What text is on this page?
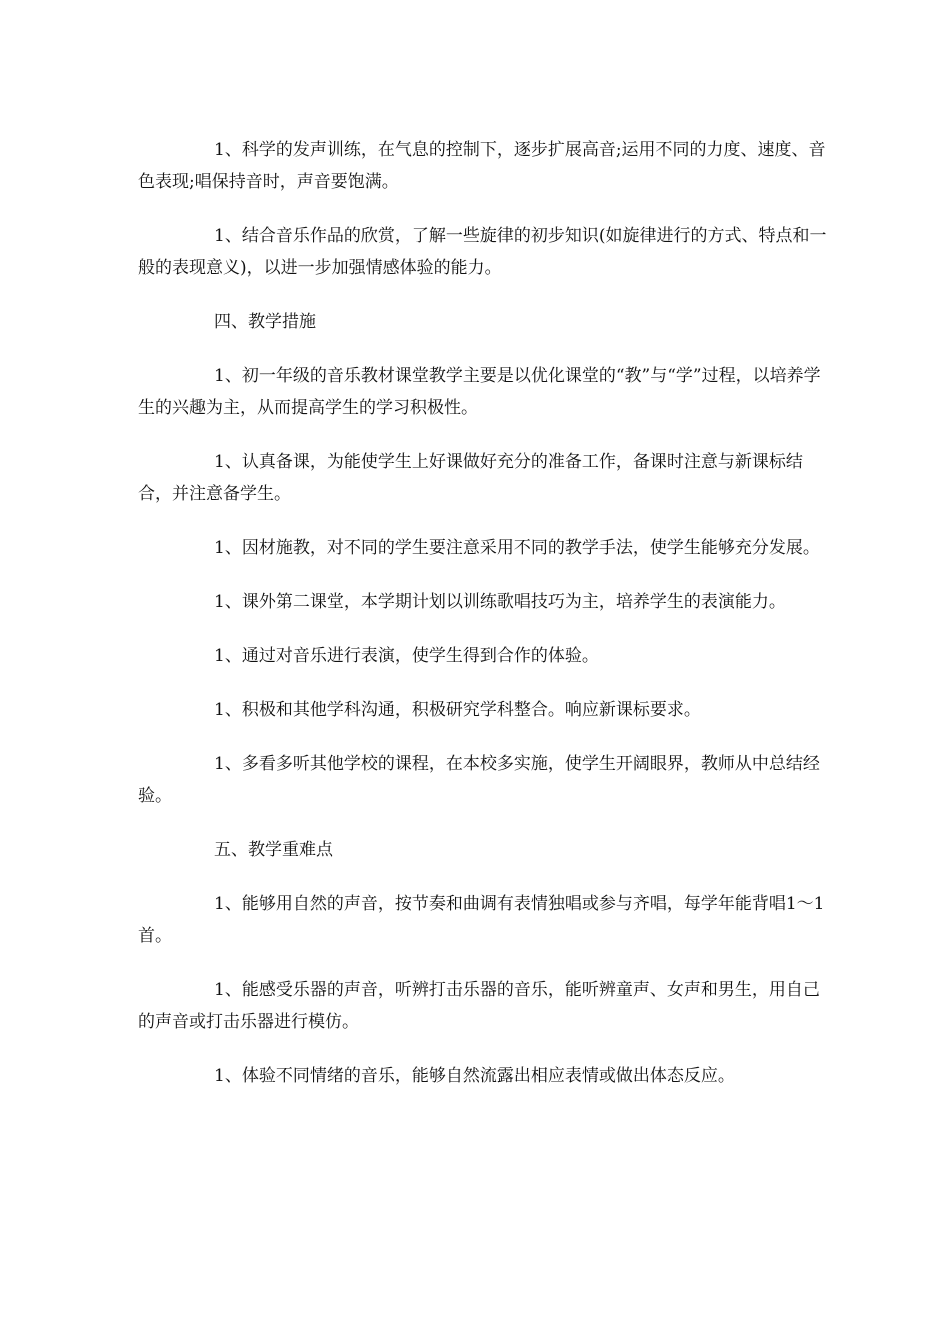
1、科学的发声训练，在气息的控制下，逐步扩展高音;运用不同的力度、速度、音色表现;唱保持音时，声音要饱满。

1、结合音乐作品的欣赏，了解一些旋律的初步知识(如旋律进行的方式、特点和一般的表现意义)，以进一步加强情感体验的能力。

四、教学措施

1、初一年级的音乐教材课堂教学主要是以优化课堂的“教”与“学”过程，以培养学生的兴趣为主，从而提高学生的学习积极性。

1、认真备课，为能使学生上好课做好充分的准备工作，备课时注意与新课标结合，并注意备学生。

1、因材施教，对不同的学生要注意采用不同的教学手法，使学生能够充分发展。

1、课外第二课堂，本学期计划以训练歌唱技巧为主，培养学生的表演能力。

1、通过对音乐进行表演，使学生得到合作的体验。

1、积极和其他学科沟通，积极研究学科整合。响应新课标要求。

1、多看多听其他学校的课程，在本校多实施，使学生开阔眼界，教师从中总结经验。

五、教学重难点

1、能够用自然的声音，按节奏和曲调有表情独唱或参与齐唱，每学年能背唱1～1首。

1、能感受乐器的声音，听辨打击乐器的音乐，能听辨童声、女声和男生，用自己的声音或打击乐器进行模仿。

1、体验不同情绪的音乐，能够自然流露出相应表情或做出体态反应。
